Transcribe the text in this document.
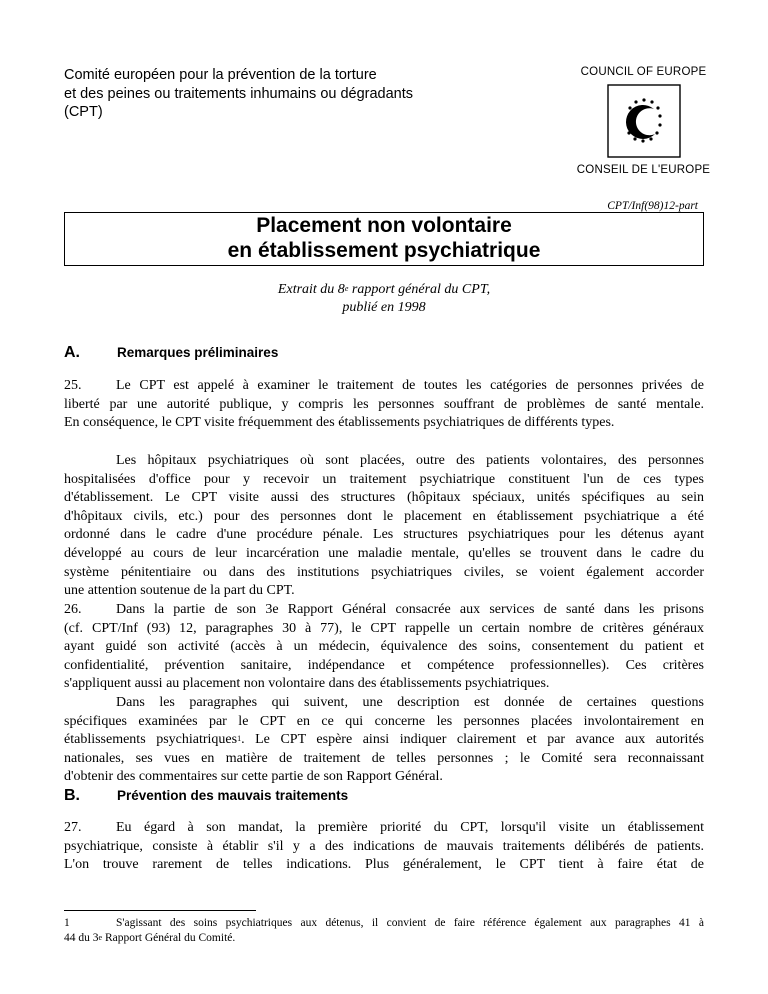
Comité européen pour la prévention de la torture
et des peines ou traitements inhumains ou dégradants
(CPT)
COUNCIL OF EUROPE
CONSEIL DE L'EUROPE
CPT/Inf(98)12-part
Placement non volontaire
en établissement psychiatrique
Extrait du 8e rapport général du CPT,
publié en 1998
A.	Remarques préliminaires
25. Le CPT est appelé à examiner le traitement de toutes les catégories de personnes privées de
liberté par une autorité publique, y compris les personnes souffrant de problèmes de santé mentale.
En conséquence, le CPT visite fréquemment des établissements psychiatriques de différents types.
Les hôpitaux psychiatriques où sont placées, outre des patients volontaires, des personnes
hospitalisées d'office pour y recevoir un traitement psychiatrique constituent l'un de ces types
d'établissement. Le CPT visite aussi des structures (hôpitaux spéciaux, unités spécifiques au sein
d'hôpitaux civils, etc.) pour des personnes dont le placement en établissement psychiatrique a été
ordonné dans le cadre d'une procédure pénale. Les structures psychiatriques pour les détenus ayant
développé au cours de leur incarcération une maladie mentale, qu'elles se trouvent dans le cadre du
système pénitentiaire ou dans des institutions psychiatriques civiles, se voient également accorder
une attention soutenue de la part du CPT.
26. Dans la partie de son 3e Rapport Général consacrée aux services de santé dans les prisons
(cf. CPT/Inf (93) 12, paragraphes 30 à 77), le CPT rappelle un certain nombre de critères généraux
ayant guidé son activité (accès à un médecin, équivalence des soins, consentement du patient et
confidentialité, prévention sanitaire, indépendance et compétence professionnelles). Ces critères
s'appliquent aussi au placement non volontaire dans des établissements psychiatriques.
Dans les paragraphes qui suivent, une description est donnée de certaines questions
spécifiques examinées par le CPT en ce qui concerne les personnes placées involontairement en
établissements psychiatriques$^1$. Le CPT espère ainsi indiquer clairement et par avance aux autorités
nationales, ses vues en matière de traitement de telles personnes ; le Comité sera reconnaissant
d'obtenir des commentaires sur cette partie de son Rapport Général.
B.	Prévention des mauvais traitements
27. Eu égard à son mandat, la première priorité du CPT, lorsqu'il visite un établissement
psychiatrique, consiste à établir s'il y a des indications de mauvais traitements délibérés de patients.
L'on trouve rarement de telles indications. Plus généralement, le CPT tient à faire état de
1	S'agissant des soins psychiatriques aux détenus, il convient de faire référence également aux paragraphes 41 à
44 du 3e Rapport Général du Comité.
